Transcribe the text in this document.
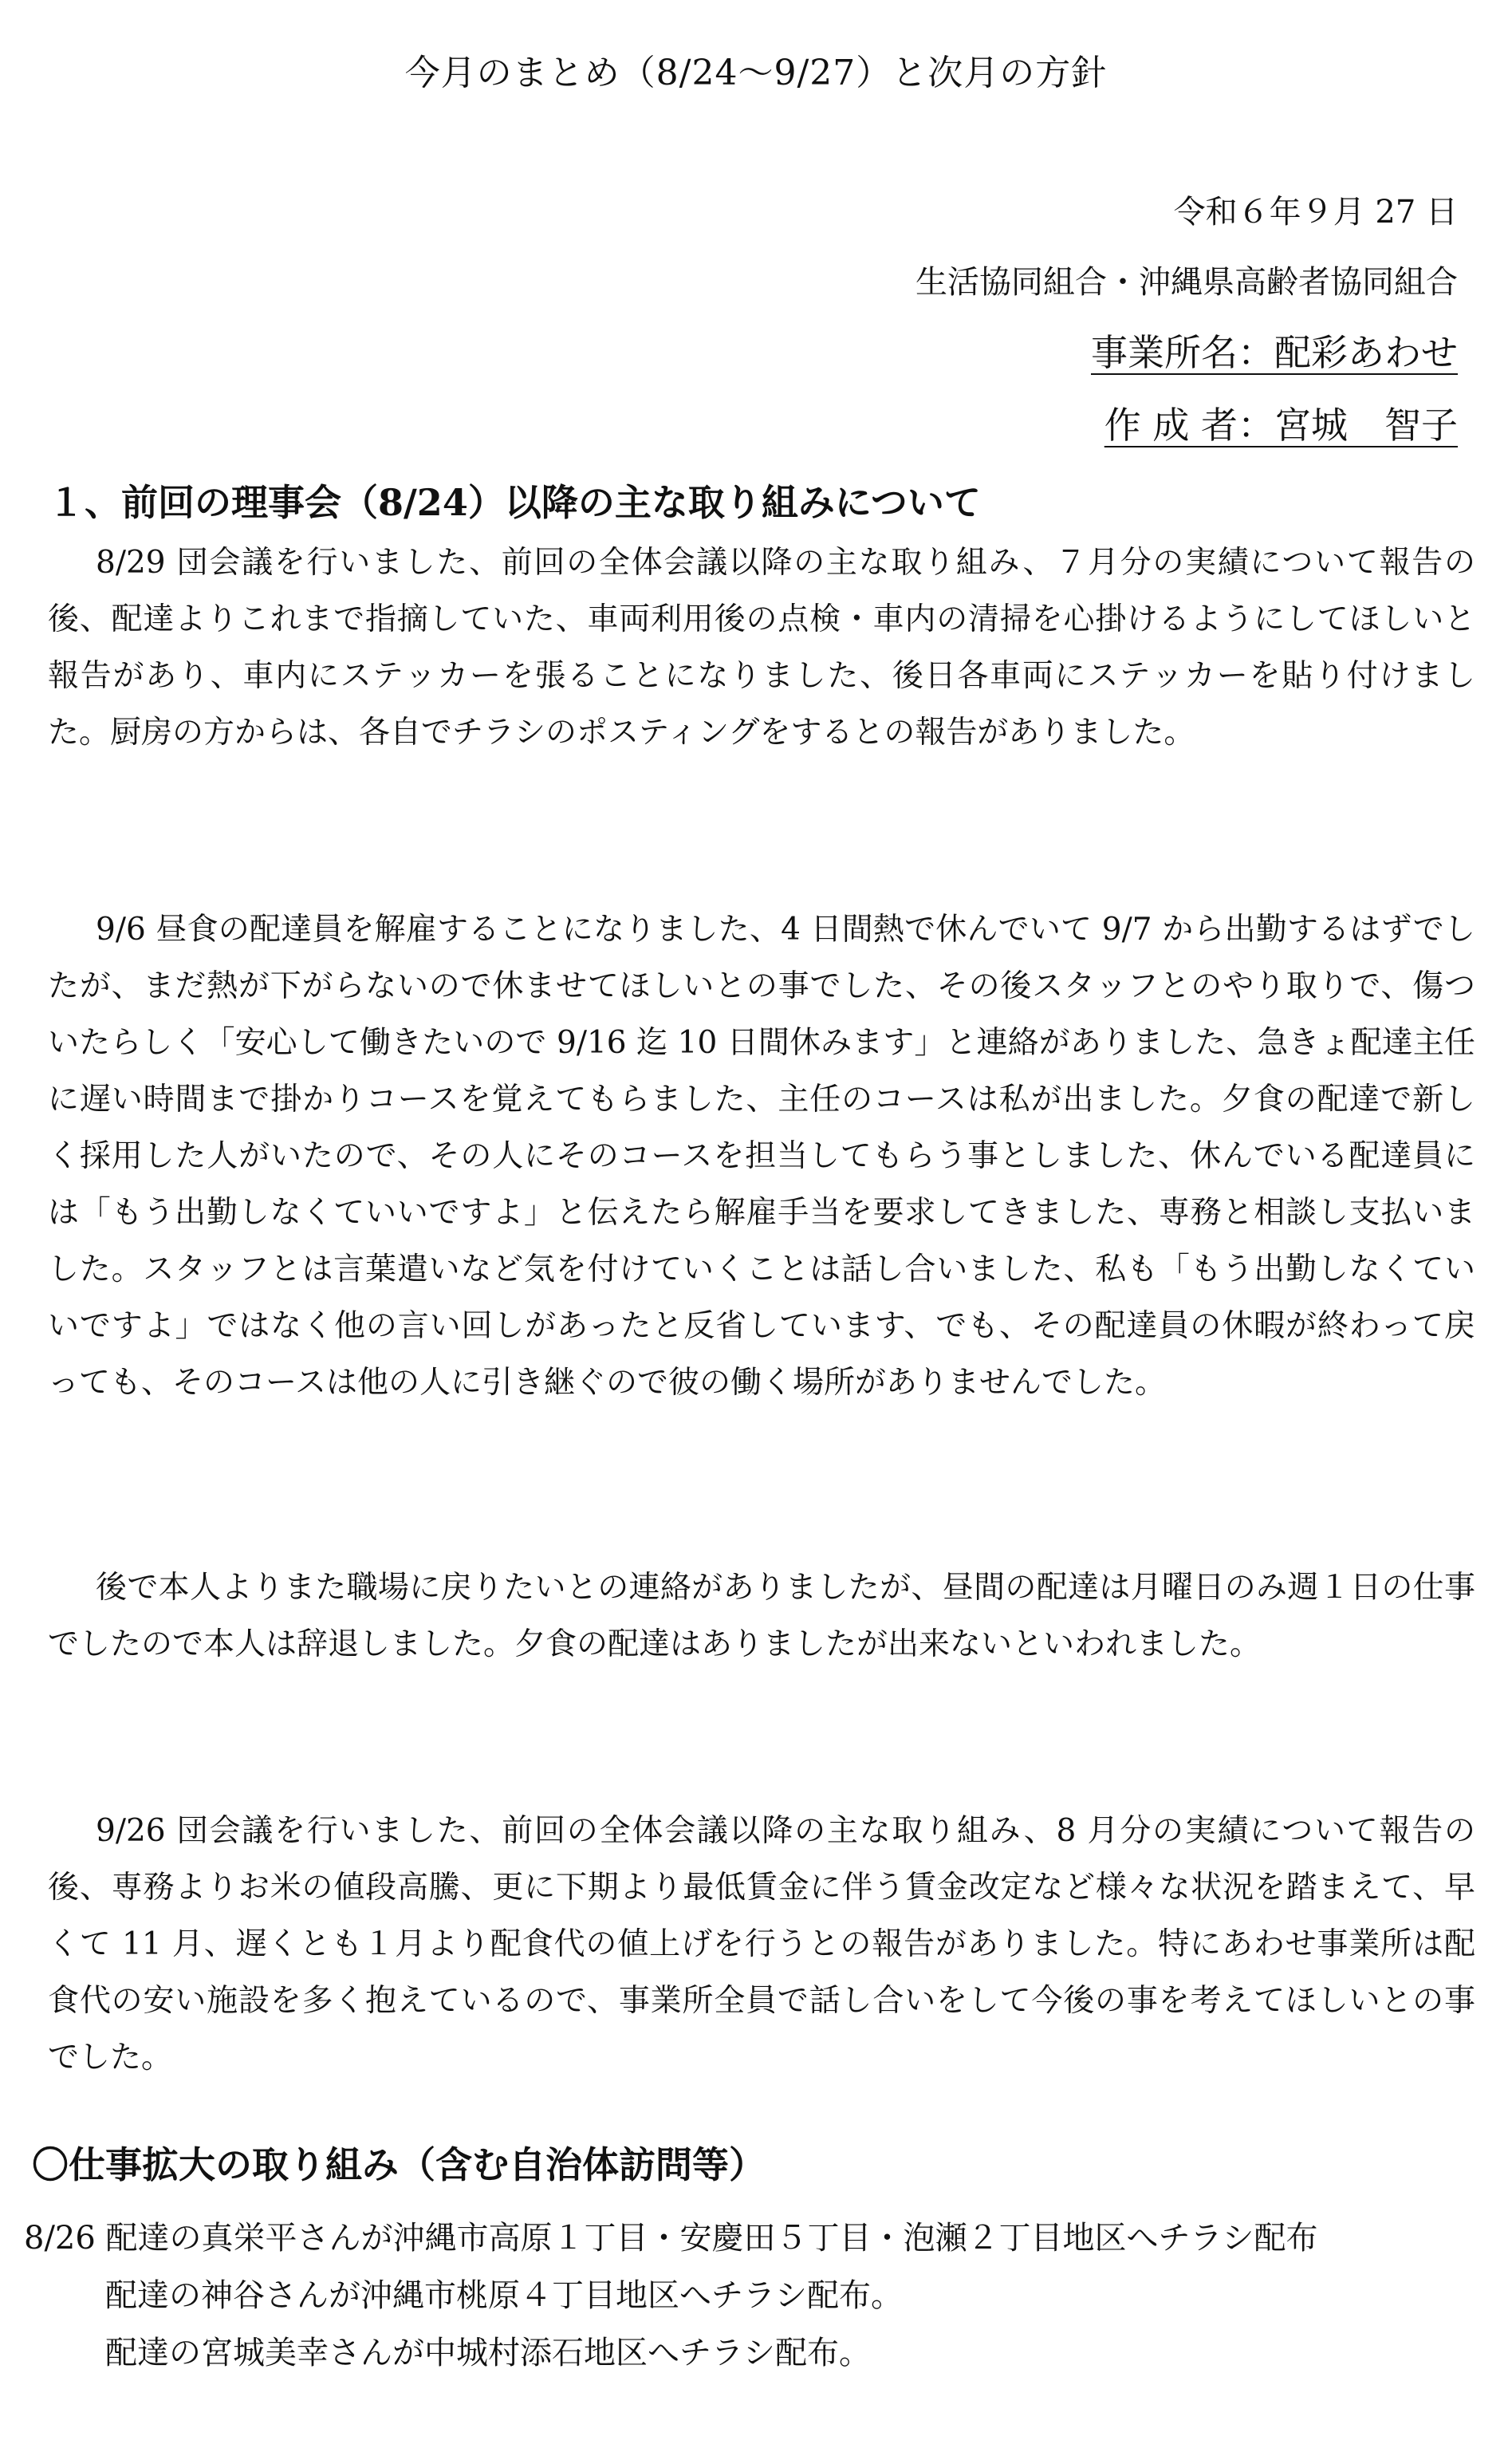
今月のまとめ（8/24～9/27）と次月の方針
令和６年９月 27 日
生活協同組合・沖縄県高齢者協同組合
事業所名：配彩あわせ
作 成 者：宮城　智子
１、前回の理事会（8/24）以降の主な取り組みについて

8/29 団会議を行いました、前回の全体会議以降の主な取り組み、７月分の実績について報告の後、配達よりこれまで指摘していた、車両利用後の点検・車内の清掃を心掛けるようにしてほしいと報告があり、車内にステッカーを張ることになりました、後日各車両にステッカーを貼り付けました。厨房の方からは、各自でチラシのポスティングをするとの報告がありました。

9/6 昼食の配達員を解雇することになりました、4 日間熱で休んでいて 9/7 から出勤するはずでしたが、まだ熱が下がらないので休ませてほしいとの事でした、その後スタッフとのやり取りで、傷ついたらしく「安心して働きたいので 9/16 迄 10 日間休みます」と連絡がありました、急きょ配達主任に遅い時間まで掛かりコースを覚えてもらました、主任のコースは私が出ました。夕食の配達で新しく採用した人がいたので、その人にそのコースを担当してもらう事としました、休んでいる配達員には「もう出勤しなくていいですよ」と伝えたら解雇手当を要求してきました、専務と相談し支払いました。スタッフとは言葉遣いなど気を付けていくことは話し合いました、私も「もう出勤しなくていいですよ」ではなく他の言い回しがあったと反省しています、でも、その配達員の休暇が終わって戻っても、そのコースは他の人に引き継ぐので彼の働く場所がありませんでした。

後で本人よりまた職場に戻りたいとの連絡がありましたが、昼間の配達は月曜日のみ週１日の仕事でしたので本人は辞退しました。夕食の配達はありましたが出来ないといわれました。

9/26 団会議を行いました、前回の全体会議以降の主な取り組み、8 月分の実績について報告の後、専務よりお米の値段高騰、更に下期より最低賃金に伴う賃金改定など様々な状況を踏まえて、早くて 11 月、遅くとも１月より配食代の値上げを行うとの報告がありました。特にあわせ事業所は配食代の安い施設を多く抱えているので、事業所全員で話し合いをして今後の事を考えてほしいとの事でした。

〇仕事拡大の取り組み（含む自治体訪問等）
8/26 配達の真栄平さんが沖縄市高原１丁目・安慶田５丁目・泡瀬２丁目地区へチラシ配布
配達の神谷さんが沖縄市桃原４丁目地区へチラシ配布。
配達の宮城美幸さんが中城村添石地区へチラシ配布。
